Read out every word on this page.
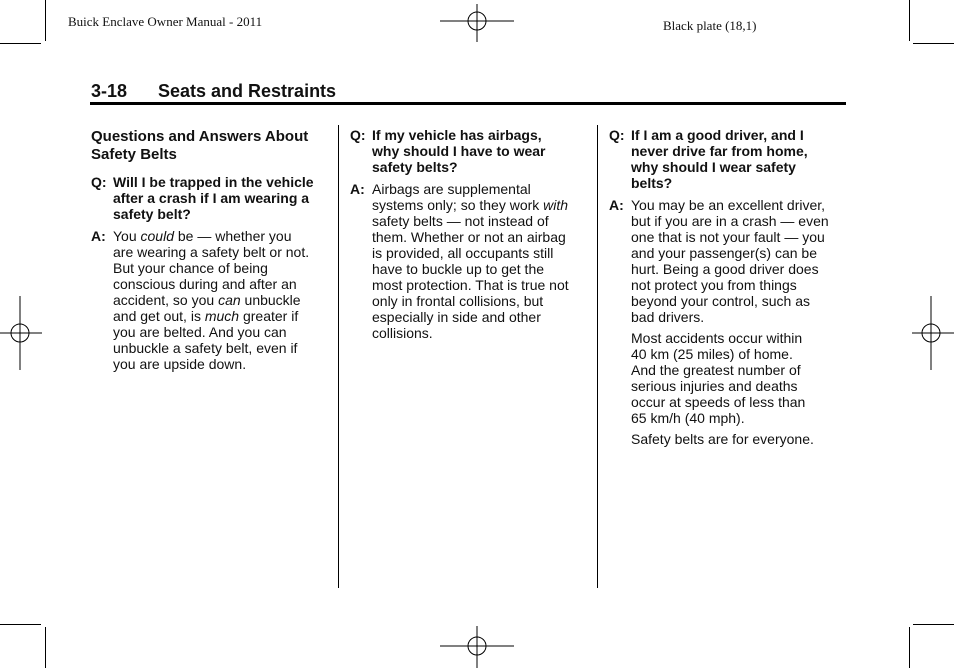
Buick Enclave Owner Manual - 2011	Black plate (18,1)
3-18 Seats and Restraints
Questions and Answers About
Safety Belts
Q: Will I be trapped in the vehicle
after a crash if I am wearing a
safety belt?
A: You could be — whether you
are wearing a safety belt or not.
But your chance of being
conscious during and after an
accident, so you can unbuckle
and get out, is much greater if
you are belted. And you can
unbuckle a safety belt, even if
you are upside down.
Q: If my vehicle has airbags,
why should I have to wear
safety belts?
A: Airbags are supplemental
systems only; so they work with
safety belts — not instead of
them. Whether or not an airbag
is provided, all occupants still
have to buckle up to get the
most protection. That is true not
only in frontal collisions, but
especially in side and other
collisions.
Q: If I am a good driver, and I
never drive far from home,
why should I wear safety
belts?
A: You may be an excellent driver,
but if you are in a crash — even
one that is not your fault — you
and your passenger(s) can be
hurt. Being a good driver does
not protect you from things
beyond your control, such as
bad drivers.
Most accidents occur within
40 km (25 miles) of home.
And the greatest number of
serious injuries and deaths
occur at speeds of less than
65 km/h (40 mph).
Safety belts are for everyone.
